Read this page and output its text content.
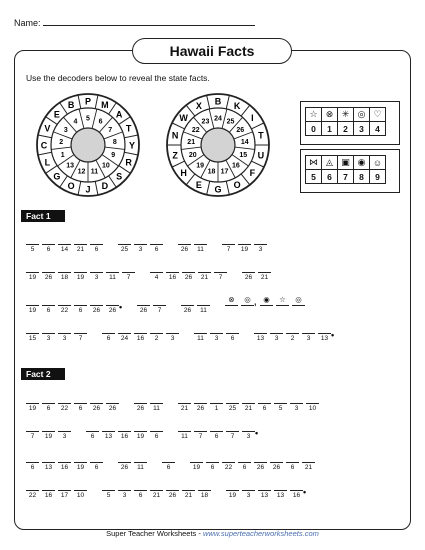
Name:
Hawaii Facts
Use the decoders below to reveal the state facts.
P M
A
T
Y
R
S
D
J
O
G
L
C
V
E
B
5 6
7
8
9
10
11
12
13
1
2
3
4
B K
I
T
U
F
O
G
E
H
Z
N
W
X
24 25
26
14
15
16
17
18
19
20
21
22
23
☆	⊗	✳	◎	♡
0	1	2	3	4
⋈	◬	▣	◉	☺
5	6	7	8	9
Fact 1
5	6	14	21	6	25	3	6	26	11	7	19	3
19	26	18	19	3	11	7	4	16	26	21	7	26	21
19	6	22	6	26	26 •	26	7	26	11
⊗	◎
’
◉	☆	◎
15	3	3	7	6	24	16	2	3	11	3	6	13	3	2	3	13 •
Fact 2
19	6	22	6	26	26	26	11	21	26	1	25	21	6	5	3	10
7	19	3	6	13	16	19	6	11	7	6	7	3 •
6	13	16	19	6	26	11	6	19	6	22	6	26	26	6	21
22	16	17	10	5	3	6	21	26	21	18	19	3	13	13	16 •
Super Teacher Worksheets - www.superteacherworksheets.com
